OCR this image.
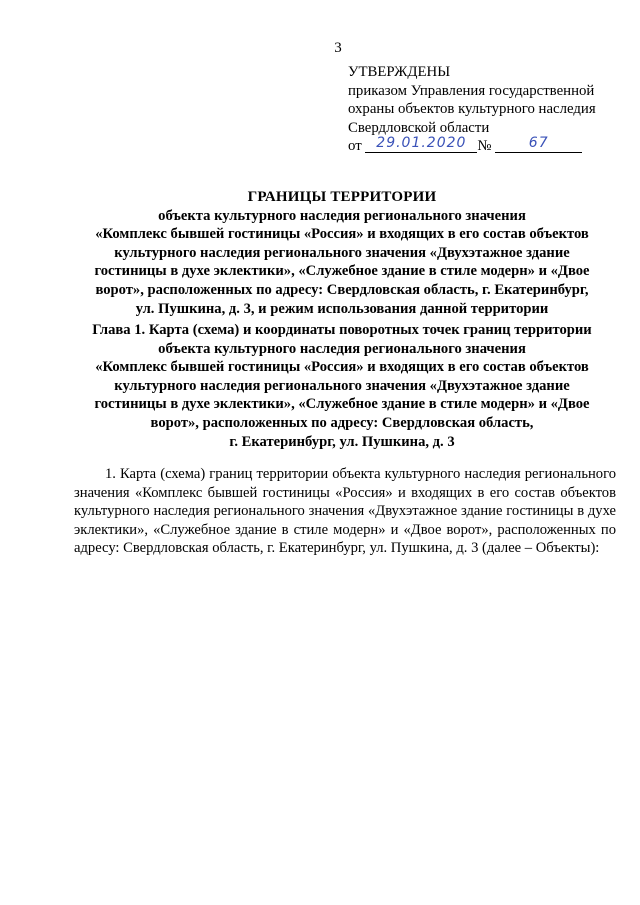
3
УТВЕРЖДЕНЫ
приказом Управления государственной
охраны объектов культурного наследия
Свердловской области
от 29.01.2020 №	67
ГРАНИЦЫ ТЕРРИТОРИИ
объекта культурного наследия регионального значения
«Комплекс бывшей гостиницы «Россия» и входящих в его состав объектов
культурного наследия регионального значения «Двухэтажное здание
гостиницы в духе эклектики», «Служебное здание в стиле модерн» и «Двое
ворот», расположенных по адресу: Свердловская область, г. Екатеринбург,
ул. Пушкина, д. 3, и режим использования данной территории
Глава 1. Карта (схема) и координаты поворотных точек границ территории
объекта культурного наследия регионального значения
«Комплекс бывшей гостиницы «Россия» и входящих в его состав объектов
культурного наследия регионального значения «Двухэтажное здание
гостиницы в духе эклектики», «Служебное здание в стиле модерн» и «Двое
ворот», расположенных по адресу: Свердловская область,
г. Екатеринбург, ул. Пушкина, д. 3

1. Карта (схема) границ территории объекта культурного наследия регионального значения «Комплекс бывшей гостиницы «Россия» и входящих в его состав объектов культурного наследия регионального значения «Двухэтажное здание гостиницы в духе эклектики», «Служебное здание в стиле модерн» и «Двое ворот», расположенных по адресу: Свердловская область, г. Екатеринбург, ул. Пушкина, д. 3 (далее – Объекты):
